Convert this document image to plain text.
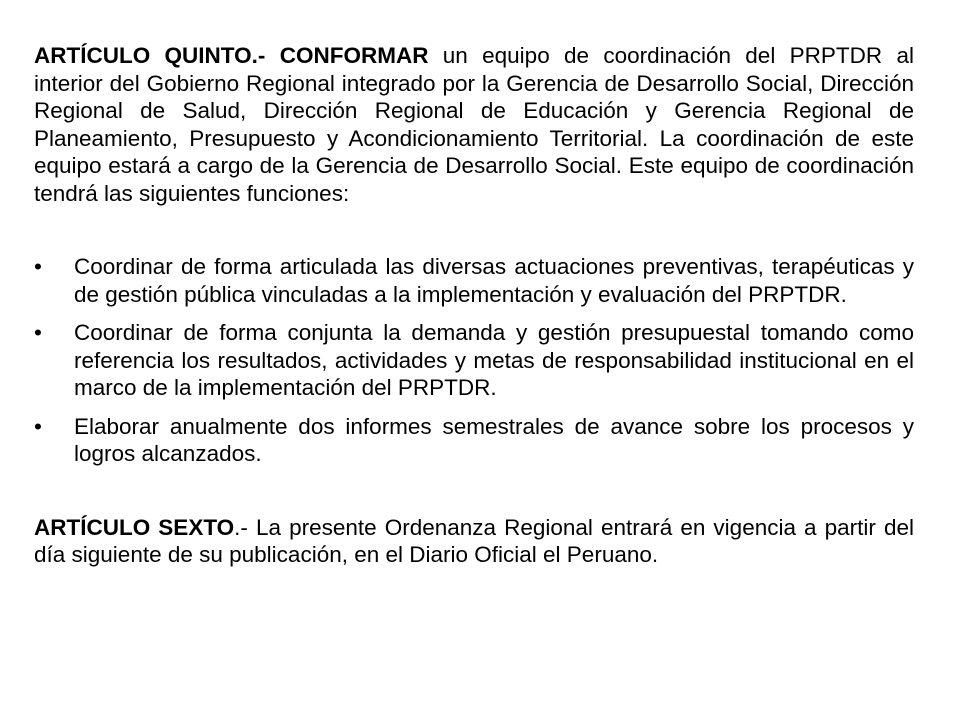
ARTÍCULO QUINTO.- CONFORMAR un equipo de coordinación del PRPTDR al interior del Gobierno Regional integrado por la Gerencia de Desarrollo Social, Dirección Regional de Salud, Dirección Regional de Educación y Gerencia Regional de Planeamiento, Presupuesto y Acondicionamiento Territorial. La coordinación de este equipo estará a cargo de la Gerencia de Desarrollo Social. Este equipo de coordinación tendrá las siguientes funciones:

•	Coordinar de forma articulada las diversas actuaciones preventivas, terapéuticas y de gestión pública vinculadas a la implementación y evaluación del PRPTDR.
•	Coordinar de forma conjunta la demanda y gestión presupuestal tomando como referencia los resultados, actividades y metas de responsabilidad institucional en el marco de la implementación del PRPTDR.
•	Elaborar anualmente dos informes semestrales de avance sobre los procesos y logros alcanzados.

ARTÍCULO SEXTO.- La presente Ordenanza Regional entrará en vigencia a partir del día siguiente de su publicación, en el Diario Oficial el Peruano.
